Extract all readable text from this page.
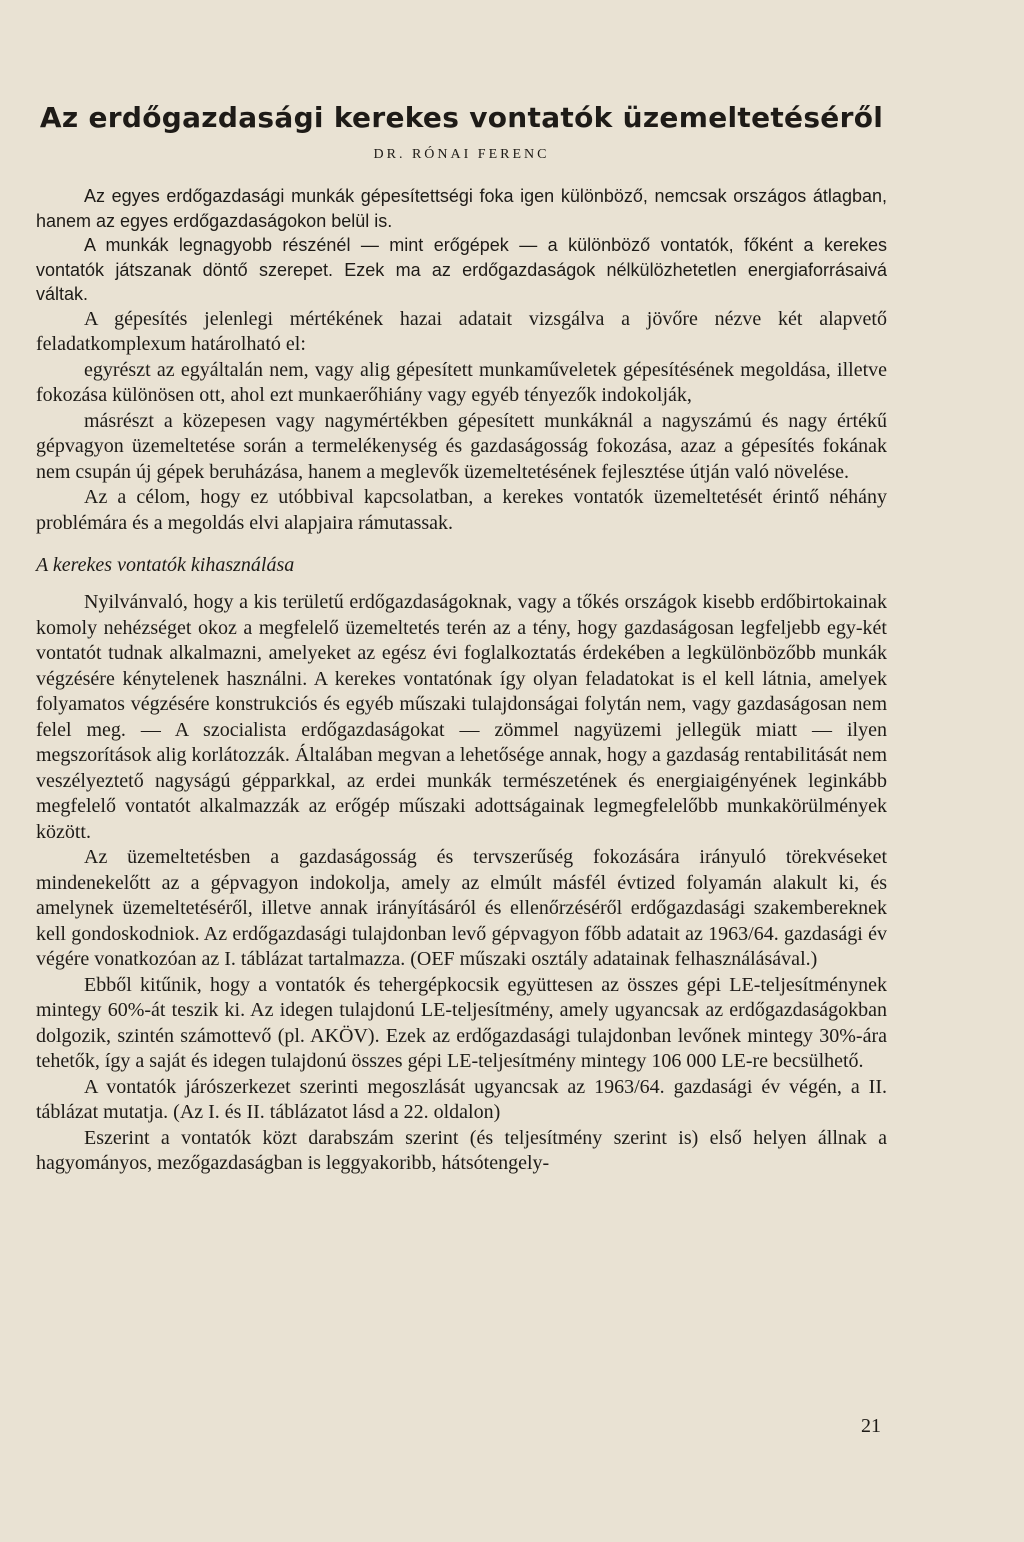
Az erdőgazdasági kerekes vontatók üzemeltetéséről

DR. RÓNAI FERENC

Az egyes erdőgazdasági munkák gépesítettségi foka igen különböző, nemcsak országos átlagban, hanem az egyes erdőgazdaságokon belül is.

A munkák legnagyobb részénél — mint erőgépek — a különböző vontatók, főként a kerekes vontatók játszanak döntő szerepet. Ezek ma az erdőgazdaságok nélkülözhetetlen energiaforrásaivá váltak.

A gépesítés jelenlegi mértékének hazai adatait vizsgálva a jövőre nézve két alapvető feladatkomplexum határolható el:

egyrészt az egyáltalán nem, vagy alig gépesített munkaműveletek gépesítésének megoldása, illetve fokozása különösen ott, ahol ezt munkaerőhiány vagy egyéb tényezők indokolják,

másrészt a közepesen vagy nagymértékben gépesített munkáknál a nagyszámú és nagy értékű gépvagyon üzemeltetése során a termelékenység és gazdaságosság fokozása, azaz a gépesítés fokának nem csupán új gépek beruházása, hanem a meglevők üzemeltetésének fejlesztése útján való növelése.

Az a célom, hogy ez utóbbival kapcsolatban, a kerekes vontatók üzemeltetését érintő néhány problémára és a megoldás elvi alapjaira rámutassak.

A kerekes vontatók kihasználása

Nyilvánvaló, hogy a kis területű erdőgazdaságoknak, vagy a tőkés országok kisebb erdőbirtokainak komoly nehézséget okoz a megfelelő üzemeltetés terén az a tény, hogy gazdaságosan legfeljebb egy-két vontatót tudnak alkalmazni, amelyeket az egész évi foglalkoztatás érdekében a legkülönbözőbb munkák végzésére kénytelenek használni. A kerekes vontatónak így olyan feladatokat is el kell látnia, amelyek folyamatos végzésére konstrukciós és egyéb műszaki tulajdonságai folytán nem, vagy gazdaságosan nem felel meg. — A szocialista erdőgazdaságokat — zömmel nagyüzemi jellegük miatt — ilyen megszorítások alig korlátozzák. Általában megvan a lehetősége annak, hogy a gazdaság rentabilitását nem veszélyeztető nagyságú gépparkkal, az erdei munkák természetének és energiaigényének leginkább megfelelő vontatót alkalmazzák az erőgép műszaki adottságainak legmegfelelőbb munkakörülmények között.

Az üzemeltetésben a gazdaságosság és tervszerűség fokozására irányuló törekvéseket mindenekelőtt az a gépvagyon indokolja, amely az elmúlt másfél évtized folyamán alakult ki, és amelynek üzemeltetéséről, illetve annak irányításáról és ellenőrzéséről erdőgazdasági szakembereknek kell gondoskodniok. Az erdőgazdasági tulajdonban levő gépvagyon főbb adatait az 1963/64. gazdasági év végére vonatkozóan az I. táblázat tartalmazza. (OEF műszaki osztály adatainak felhasználásával.)

Ebből kitűnik, hogy a vontatók és tehergépkocsik együttesen az összes gépi LE-teljesítménynek mintegy 60%-át teszik ki. Az idegen tulajdonú LE-teljesítmény, amely ugyancsak az erdőgazdaságokban dolgozik, szintén számottevő (pl. AKÖV). Ezek az erdőgazdasági tulajdonban levőnek mintegy 30%-ára tehetők, így a saját és idegen tulajdonú összes gépi LE-teljesítmény mintegy 106 000 LE-re becsülhető.

A vontatók járószerkezet szerinti megoszlását ugyancsak az 1963/64. gazdasági év végén, a II. táblázat mutatja. (Az I. és II. táblázatot lásd a 22. oldalon)

Eszerint a vontatók közt darabszám szerint (és teljesítmény szerint is) első helyen állnak a hagyományos, mezőgazdaságban is leggyakoribb, hátsótengely-

21
